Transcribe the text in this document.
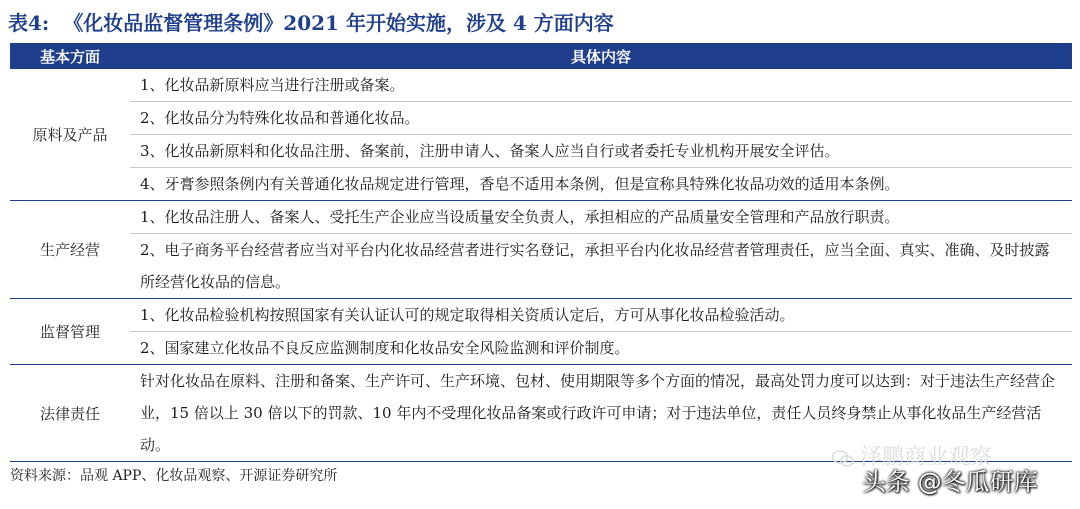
表4: 《化妆品监督管理条例》2021 年开始实施，涉及 4 方面内容
基本方面	具体内容
原料及产品	1、化妆品新原料应当进行注册或备案。
	2、化妆品分为特殊化妆品和普通化妆品。
	3、化妆品新原料和化妆品注册、备案前，注册申请人、备案人应当自行或者委托专业机构开展安全评估。
	4、牙膏参照条例内有关普通化妆品规定进行管理，香皂不适用本条例，但是宣称具特殊化妆品功效的适用本条例。
生产经营	1、化妆品注册人、备案人、受托生产企业应当设质量安全负责人，承担相应的产品质量安全管理和产品放行职责。
	2、电子商务平台经营者应当对平台内化妆品经营者进行实名登记，承担平台内化妆品经营者管理责任，应当全面、真实、准确、及时披露所经营化妆品的信息。
监督管理	1、化妆品检验机构按照国家有关认证认可的规定取得相关资质认定后，方可从事化妆品检验活动。
	2、国家建立化妆品不良反应监测制度和化妆品安全风险监测和评价制度。
法律责任	针对化妆品在原料、注册和备案、生产许可、生产环境、包材、使用期限等多个方面的情况，最高处罚力度可以达到：对于违法生产经营企业，15 倍以上 30 倍以下的罚款、10 年内不受理化妆品备案或行政许可申请；对于违法单位，责任人员终身禁止从事化妆品生产经营活动。
资料来源：品观 APP、化妆品观察、开源证券研究所
泽鹏商业观察
头条 @冬瓜研库
